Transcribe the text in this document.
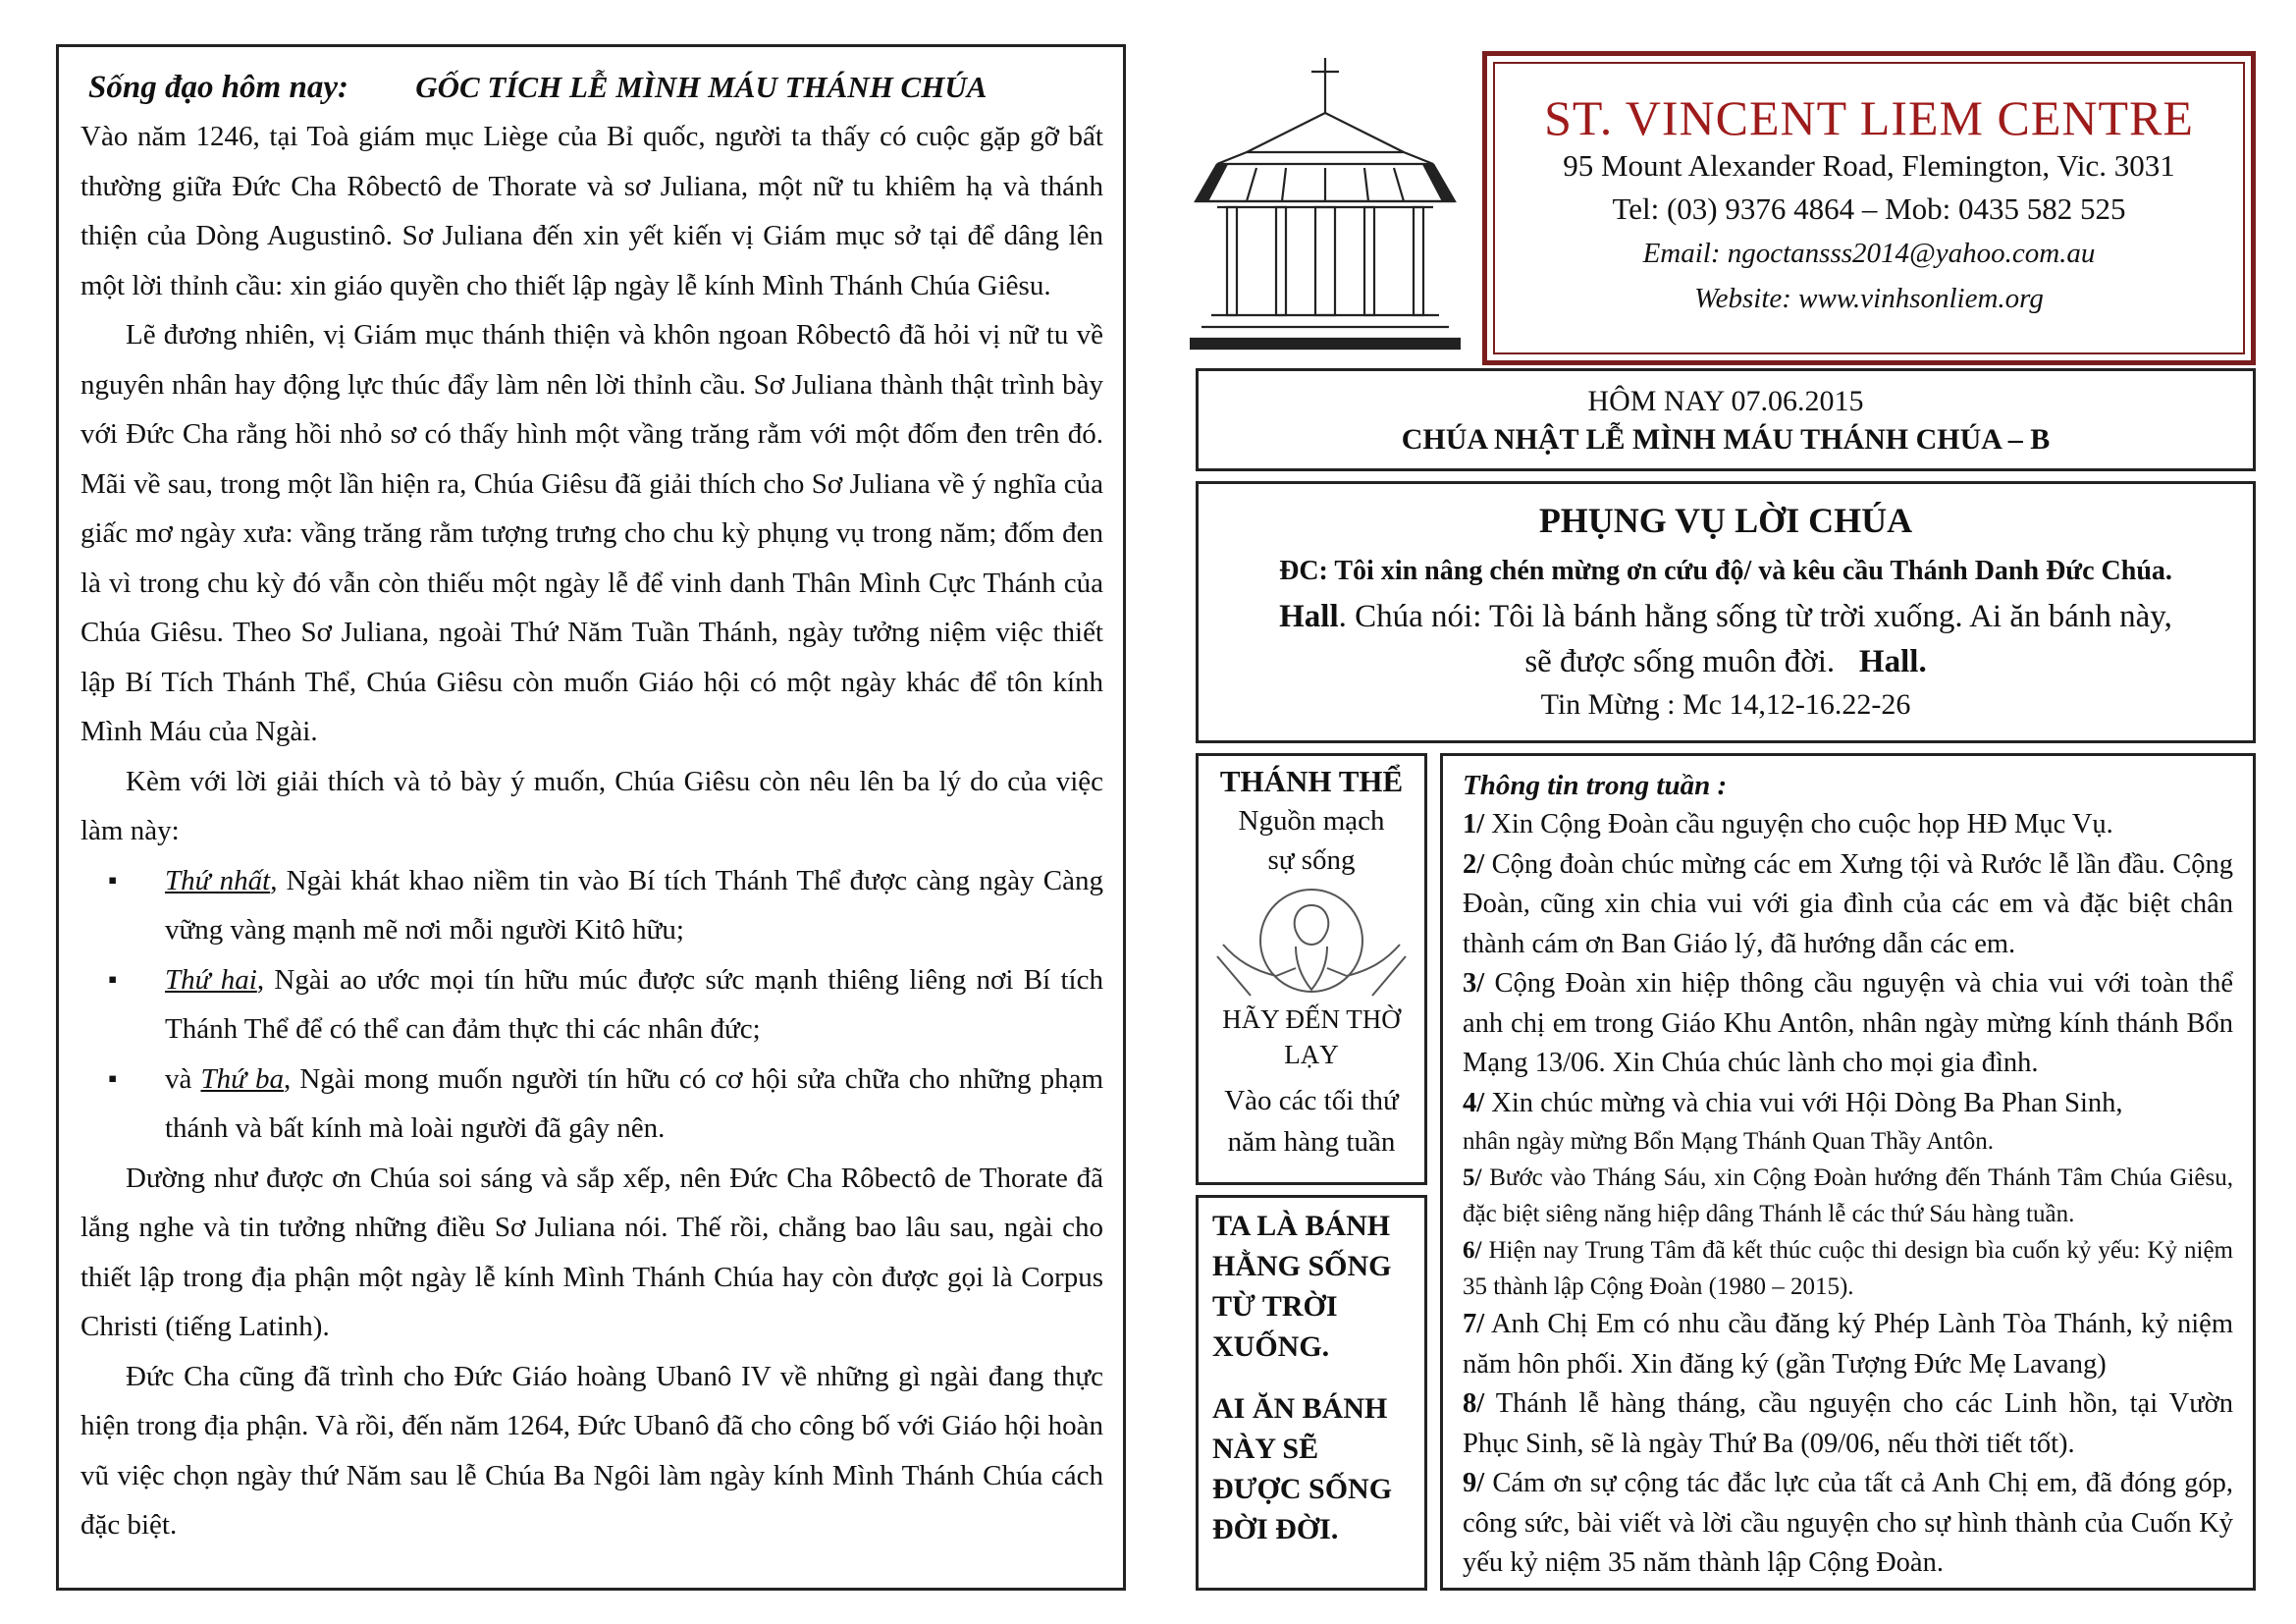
Sống đạo hôm nay: GỐC TÍCH LỄ MÌNH MÁU THÁNH CHÚA

Vào năm 1246, tại Toà giám mục Liège của Bỉ quốc, người ta thấy có cuộc gặp gỡ bất thường giữa Đức Cha Rôbectô de Thorate và sơ Juliana, một nữ tu khiêm hạ và thánh thiện của Dòng Augustinô. Sơ Juliana đến xin yết kiến vị Giám mục sở tại để dâng lên một lời thỉnh cầu: xin giáo quyền cho thiết lập ngày lễ kính Mình Thánh Chúa Giêsu.

Lẽ đương nhiên, vị Giám mục thánh thiện và khôn ngoan Rôbectô đã hỏi vị nữ tu về nguyên nhân hay động lực thúc đẩy làm nên lời thỉnh cầu. Sơ Juliana thành thật trình bày với Đức Cha rằng hồi nhỏ sơ có thấy hình một vầng trăng rằm với một đốm đen trên đó. Mãi về sau, trong một lần hiện ra, Chúa Giêsu đã giải thích cho Sơ Juliana về ý nghĩa của giấc mơ ngày xưa: vầng trăng rằm tượng trưng cho chu kỳ phụng vụ trong năm; đốm đen là vì trong chu kỳ đó vẫn còn thiếu một ngày lễ để vinh danh Thân Mình Cực Thánh của Chúa Giêsu. Theo Sơ Juliana, ngoài Thứ Năm Tuần Thánh, ngày tưởng niệm việc thiết lập Bí Tích Thánh Thể, Chúa Giêsu còn muốn Giáo hội có một ngày khác để tôn kính Mình Máu của Ngài.

Kèm với lời giải thích và tỏ bày ý muốn, Chúa Giêsu còn nêu lên ba lý do của việc làm này:

▪ Thứ nhất, Ngài khát khao niềm tin vào Bí tích Thánh Thể được càng ngày Càng vững vàng mạnh mẽ nơi mỗi người Kitô hữu;
▪ Thứ hai, Ngài ao ước mọi tín hữu múc được sức mạnh thiêng liêng nơi Bí tích Thánh Thể để có thể can đảm thực thi các nhân đức;
▪ và Thứ ba, Ngài mong muốn người tín hữu có cơ hội sửa chữa cho những phạm thánh và bất kính mà loài người đã gây nên.

Dường như được ơn Chúa soi sáng và sắp xếp, nên Đức Cha Rôbectô de Thorate đã lắng nghe và tin tưởng những điều Sơ Juliana nói. Thế rồi, chẳng bao lâu sau, ngài cho thiết lập trong địa phận một ngày lễ kính Mình Thánh Chúa hay còn được gọi là Corpus Christi (tiếng Latinh).

Đức Cha cũng đã trình cho Đức Giáo hoàng Ubanô IV về những gì ngài đang thực hiện trong địa phận. Và rồi, đến năm 1264, Đức Ubanô đã cho công bố với Giáo hội hoàn vũ việc chọn ngày thứ Năm sau lễ Chúa Ba Ngôi làm ngày kính Mình Thánh Chúa cách đặc biệt.

ST. VINCENT LIEM CENTRE
95 Mount Alexander Road, Flemington, Vic. 3031
Tel: (03) 9376 4864 – Mob: 0435 582 525
Email: ngoctansss2014@yahoo.com.au
Website: www.vinhsonliem.org
HÔM NAY 07.06.2015
CHÚA NHẬT LỄ MÌNH MÁU THÁNH CHÚA – B
PHỤNG VỤ LỜI CHÚA
ĐC: Tôi xin nâng chén mừng ơn cứu độ/ và kêu cầu Thánh Danh Đức Chúa.
Hall. Chúa nói: Tôi là bánh hằng sống từ trời xuống. Ai ăn bánh này,
sẽ được sống muôn đời. Hall.
Tin Mừng : Mc 14,12-16.22-26
THÁNH THỂ
Nguồn mạch
sự sống
HÃY ĐẾN THỜ LẠY
Vào các tối thứ năm hàng tuần

TA LÀ BÁNH HẰNG SỐNG TỪ TRỜI XUỐNG.

AI ĂN BÁNH NÀY SẼ ĐƯỢC SỐNG ĐỜI ĐỜI.

Thông tin trong tuần :

1/ Xin Cộng Đoàn cầu nguyện cho cuộc họp HĐ Mục Vụ.

2/ Cộng đoàn chúc mừng các em Xưng tội và Rước lễ lần đầu. Cộng Đoàn, cũng xin chia vui với gia đình của các em và đặc biệt chân thành cám ơn Ban Giáo lý, đã hướng dẫn các em.

3/ Cộng Đoàn xin hiệp thông cầu nguyện và chia vui với toàn thể anh chị em trong Giáo Khu Antôn, nhân ngày mừng kính thánh Bổn Mạng 13/06. Xin Chúa chúc lành cho mọi gia đình.

4/ Xin chúc mừng và chia vui với Hội Dòng Ba Phan Sinh,

nhân ngày mừng Bổn Mạng Thánh Quan Thầy Antôn.

5/ Bước vào Tháng Sáu, xin Cộng Đoàn hướng đến Thánh Tâm Chúa Giêsu, đặc biệt siêng năng hiệp dâng Thánh lễ các thứ Sáu hàng tuần.

6/ Hiện nay Trung Tâm đã kết thúc cuộc thi design bìa cuốn kỷ yếu: Kỷ niệm 35 thành lập Cộng Đoàn (1980 – 2015).

7/ Anh Chị Em có nhu cầu đăng ký Phép Lành Tòa Thánh, kỷ niệm năm hôn phối. Xin đăng ký (gần Tượng Đức Mẹ Lavang)

8/ Thánh lễ hàng tháng, cầu nguyện cho các Linh hồn, tại Vườn Phục Sinh, sẽ là ngày Thứ Ba (09/06, nếu thời tiết tốt).

9/ Cám ơn sự cộng tác đắc lực của tất cả Anh Chị em, đã đóng góp, công sức, bài viết và lời cầu nguyện cho sự hình thành của Cuốn Kỷ yếu kỷ niệm 35 năm thành lập Cộng Đoàn.
